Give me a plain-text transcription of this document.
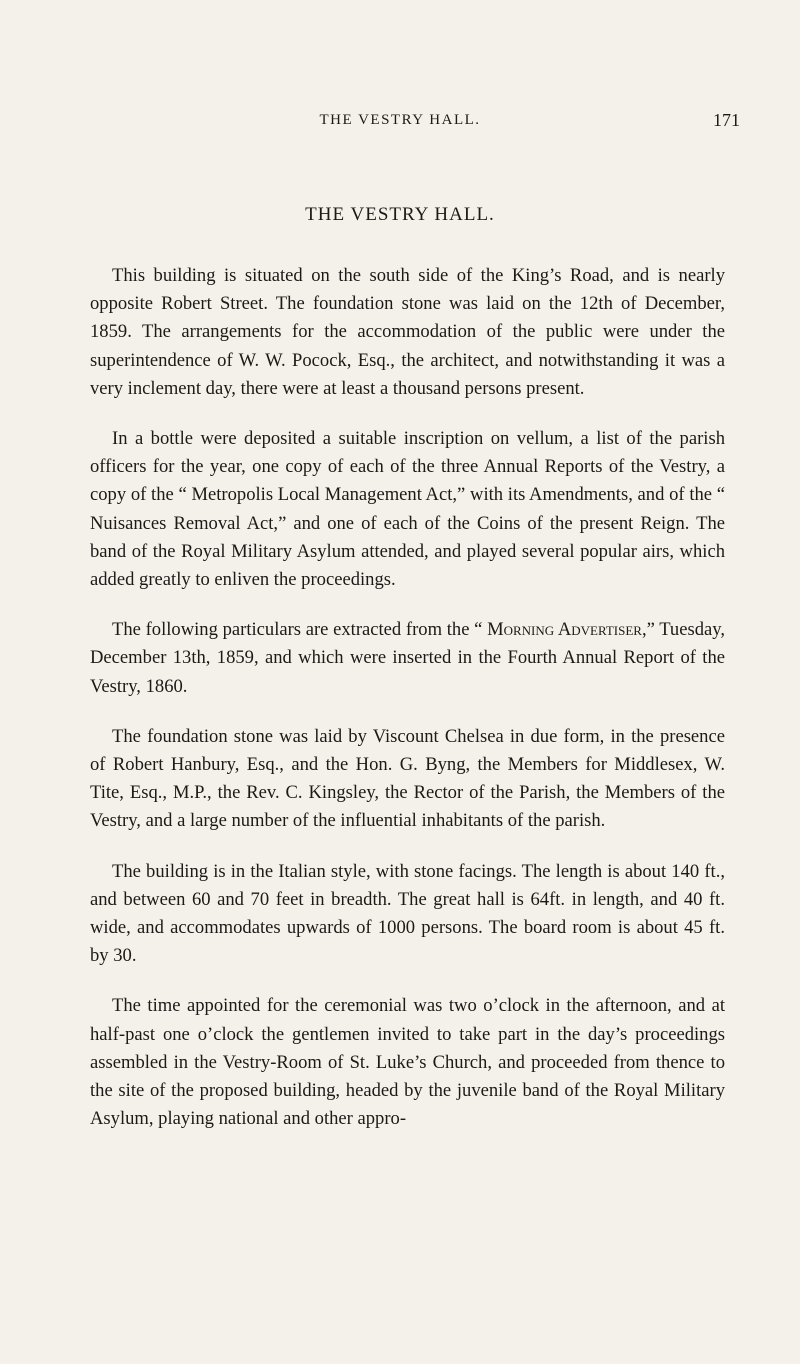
THE VESTRY HALL.	171
THE VESTRY HALL.

This building is situated on the south side of the King’s Road, and is nearly opposite Robert Street. The foundation stone was laid on the 12th of December, 1859. The arrangements for the accommodation of the public were under the superintendence of W. W. Pocock, Esq., the architect, and notwithstanding it was a very inclement day, there were at least a thousand persons present.

In a bottle were deposited a suitable inscription on vellum, a list of the parish officers for the year, one copy of each of the three Annual Reports of the Vestry, a copy of the “ Metropolis Local Management Act,” with its Amendments, and of the “ Nuisances Removal Act,” and one of each of the Coins of the present Reign. The band of the Royal Military Asylum attended, and played several popular airs, which added greatly to enliven the proceedings.

The following particulars are extracted from the “ Morning Advertiser,” Tuesday, December 13th, 1859, and which were inserted in the Fourth Annual Report of the Vestry, 1860.

The foundation stone was laid by Viscount Chelsea in due form, in the presence of Robert Hanbury, Esq., and the Hon. G. Byng, the Members for Middlesex, W. Tite, Esq., M.P., the Rev. C. Kingsley, the Rector of the Parish, the Members of the Vestry, and a large number of the influential inhabitants of the parish.

The building is in the Italian style, with stone facings. The length is about 140 ft., and between 60 and 70 feet in breadth. The great hall is 64ft. in length, and 40 ft. wide, and accommodates upwards of 1000 persons. The board room is about 45 ft. by 30.

The time appointed for the ceremonial was two o’clock in the afternoon, and at half-past one o’clock the gentlemen invited to take part in the day’s proceedings assembled in the Vestry-Room of St. Luke’s Church, and proceeded from thence to the site of the proposed building, headed by the juvenile band of the Royal Military Asylum, playing national and other appro-
